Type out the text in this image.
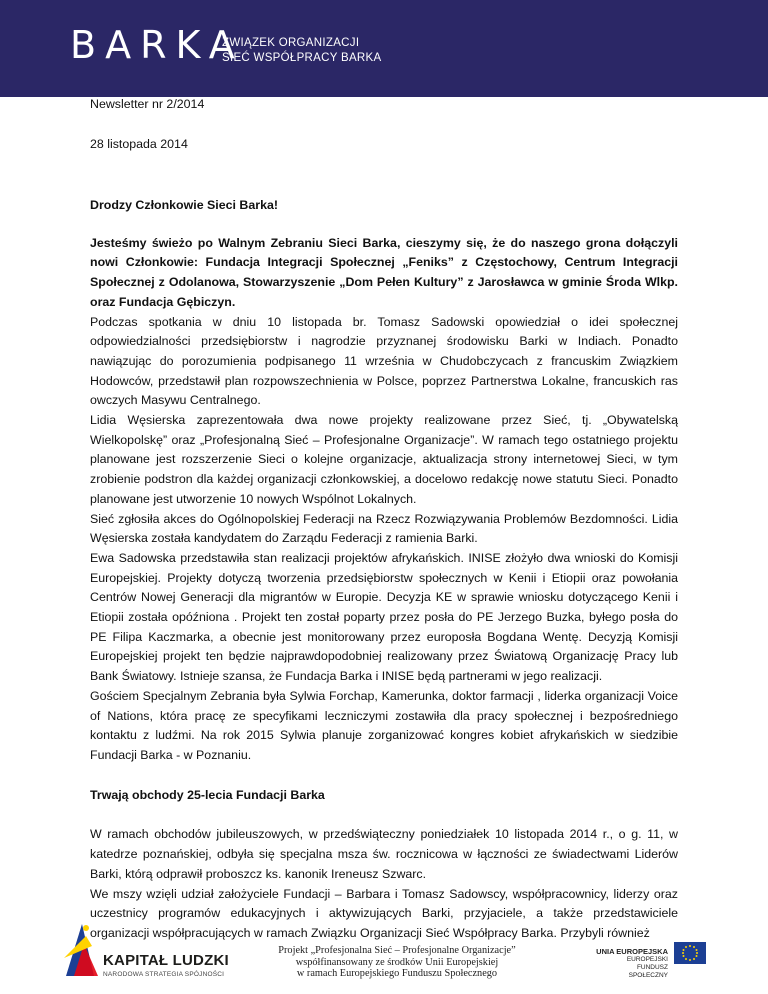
BARKA
ZWIĄZEK ORGANIZACJI
SIEĆ WSPÓŁPRACY BARKA
Newsletter nr 2/2014
28 listopada 2014

Drodzy Członkowie Sieci Barka!

Jesteśmy świeżo po Walnym Zebraniu Sieci Barka, cieszymy się, że do naszego grona dołączyli nowi Członkowie: Fundacja Integracji Społecznej „Feniks” z Częstochowy, Centrum Integracji Społecznej z Odolanowa, Stowarzyszenie „Dom Pełen Kultury” z Jarosławca w gminie Środa Wlkp. oraz Fundacja Gębiczyn.

Podczas spotkania w dniu 10 listopada br. Tomasz Sadowski opowiedział o idei społecznej odpowiedzialności przedsiębiorstw i nagrodzie przyznanej środowisku Barki w Indiach. Ponadto nawiązując do porozumienia podpisanego 11 września w Chudobczycach z francuskim Związkiem Hodowców, przedstawił plan rozpowszechnienia w Polsce, poprzez Partnerstwa Lokalne, francuskich ras owczych Masywu Centralnego.

Lidia Węsierska zaprezentowała dwa nowe projekty realizowane przez Sieć, tj. „Obywatelską Wielkopolskę” oraz „Profesjonalną Sieć – Profesjonalne Organizacje”. W ramach tego ostatniego projektu planowane jest rozszerzenie Sieci o kolejne organizacje, aktualizacja strony internetowej Sieci, w tym zrobienie podstron dla każdej organizacji członkowskiej, a docelowo redakcję nowe statutu Sieci. Ponadto planowane jest utworzenie 10 nowych Wspólnot Lokalnych.

Sieć zgłosiła akces do Ogólnopolskiej Federacji na Rzecz Rozwiązywania Problemów Bezdomności. Lidia Węsierska została kandydatem do Zarządu Federacji z ramienia Barki.

Ewa Sadowska przedstawiła stan realizacji projektów afrykańskich. INISE złożyło dwa wnioski do Komisji Europejskiej. Projekty dotyczą tworzenia przedsiębiorstw społecznych w Kenii i Etiopii oraz powołania Centrów Nowej Generacji dla migrantów w Europie. Decyzja KE w sprawie wniosku dotyczącego Kenii i Etiopii została opóźniona . Projekt ten został poparty przez posła do PE Jerzego Buzka, byłego posła do PE Filipa Kaczmarka, a obecnie jest monitorowany przez europosła Bogdana Wentę. Decyzją Komisji Europejskiej projekt ten będzie najprawdopodobniej realizowany przez Światową Organizację Pracy lub Bank Światowy. Istnieje szansa, że Fundacja Barka i INISE będą partnerami w jego realizacji.

Gościem Specjalnym Zebrania była Sylwia Forchap, Kamerunka, doktor farmacji , liderka organizacji Voice of Nations, która pracę ze specyfikami leczniczymi zostawiła dla pracy społecznej i bezpośredniego kontaktu z ludźmi. Na rok 2015 Sylwia planuje zorganizować kongres kobiet afrykańskich w siedzibie Fundacji Barka - w Poznaniu.

Trwają obchody 25-lecia Fundacji Barka

W ramach obchodów jubileuszowych, w przedświąteczny poniedziałek 10 listopada 2014 r., o g. 11, w katedrze poznańskiej, odbyła się specjalna msza św. rocznicowa w łączności ze świadectwami Liderów Barki, którą odprawił proboszcz ks. kanonik Ireneusz Szwarc.

We mszy wzięli udział założyciele Fundacji – Barbara i Tomasz Sadowscy, współpracownicy, liderzy oraz uczestnicy programów edukacyjnych i aktywizujących Barki, przyjaciele, a także przedstawiciele organizacji współpracujących w ramach Związku Organizacji Sieć Współpracy Barka. Przybyli również

KAPITAŁ LUDZKI
NARODOWA STRATEGIA SPÓJNOŚCI
Projekt „Profesjonalna Sieć – Profesjonalne Organizacje”
współfinansowany ze środków Unii Europejskiej
w ramach Europejskiego Funduszu Społecznego
UNIA EUROPEJSKA
EUROPEJSKI
FUNDUSZ SPOŁECZNY
